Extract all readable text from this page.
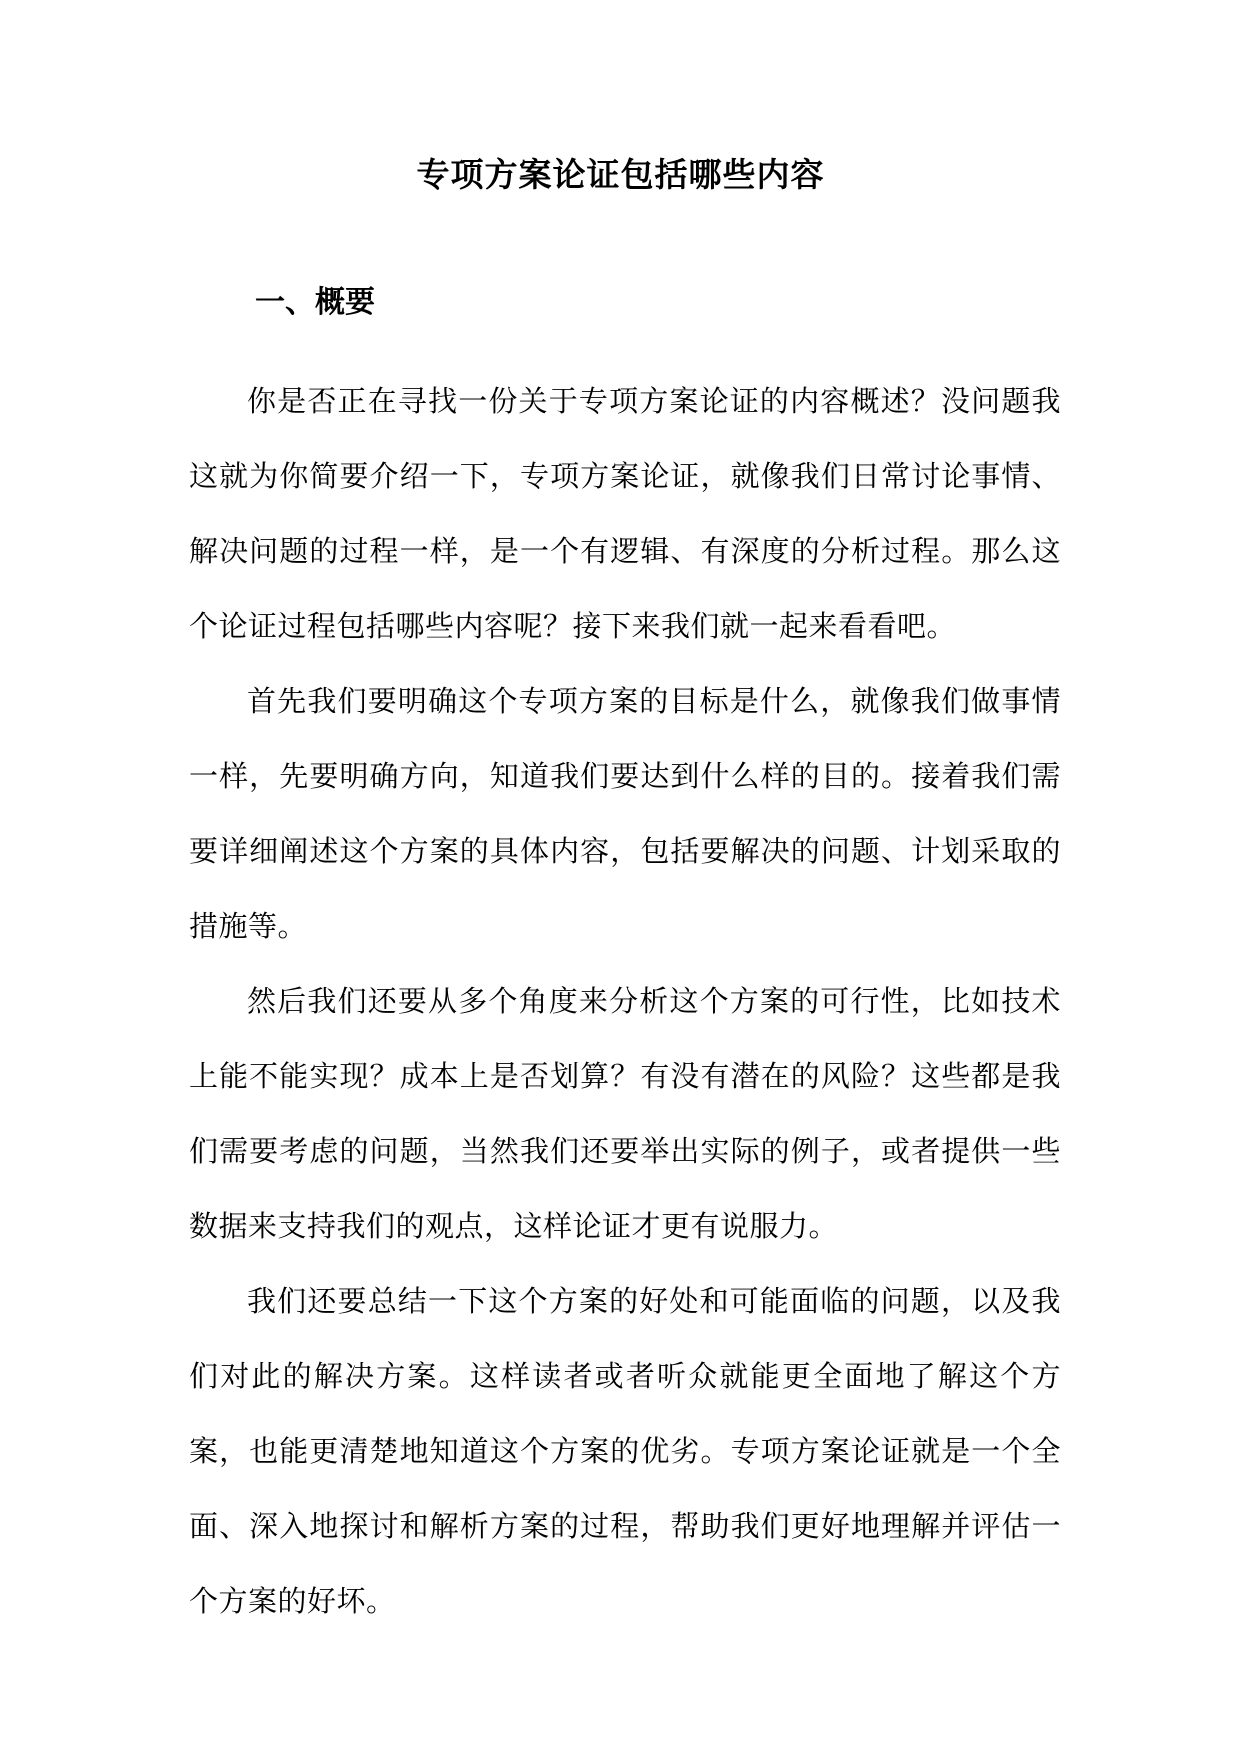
专项方案论证包括哪些内容
一、概要

你是否正在寻找一份关于专项方案论证的内容概述？没问题我这就为你简要介绍一下，专项方案论证，就像我们日常讨论事情、解决问题的过程一样，是一个有逻辑、有深度的分析过程。那么这个论证过程包括哪些内容呢？接下来我们就一起来看看吧。

首先我们要明确这个专项方案的目标是什么，就像我们做事情一样，先要明确方向，知道我们要达到什么样的目的。接着我们需要详细阐述这个方案的具体内容，包括要解决的问题、计划采取的措施等。

然后我们还要从多个角度来分析这个方案的可行性，比如技术上能不能实现？成本上是否划算？有没有潜在的风险？这些都是我们需要考虑的问题，当然我们还要举出实际的例子，或者提供一些数据来支持我们的观点，这样论证才更有说服力。

我们还要总结一下这个方案的好处和可能面临的问题，以及我们对此的解决方案。这样读者或者听众就能更全面地了解这个方案，也能更清楚地知道这个方案的优劣。专项方案论证就是一个全面、深入地探讨和解析方案的过程，帮助我们更好地理解并评估一个方案的好坏。
